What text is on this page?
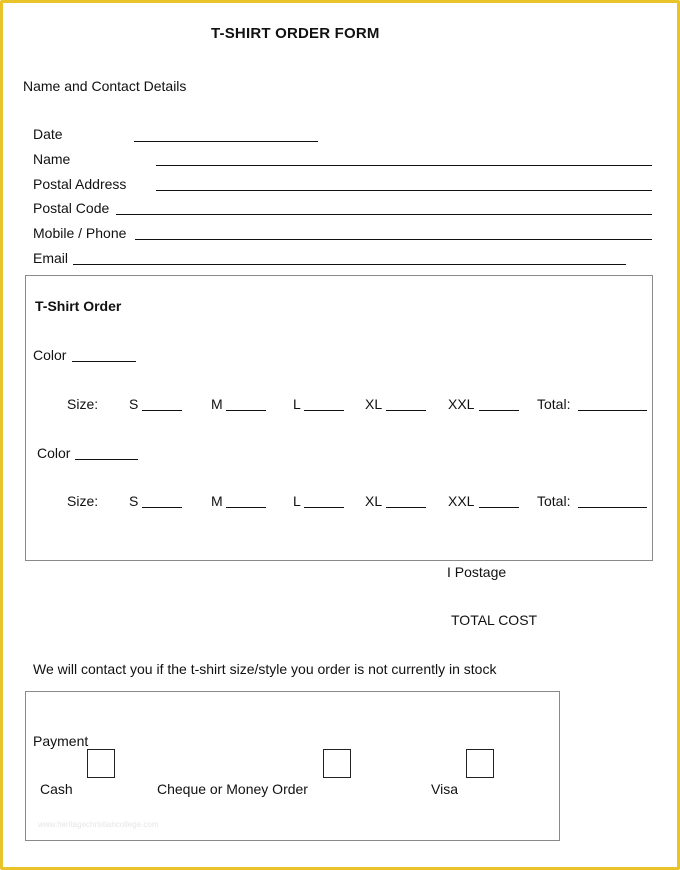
T-SHIRT ORDER FORM
Name and Contact Details
Date
Name
Postal Address
Postal Code
Mobile / Phone
Email
T-Shirt Order
Color
Size: S	M	L	XL	XXL	Total:
Color
Size: S	M	L	XL	XXL	Total:
I Postage
TOTAL COST
We will contact you if the t-shirt size/style you order is not currently in stock
Payment
Cash	Cheque or Money Order	Visa
www.heritagechristiancollege.com
